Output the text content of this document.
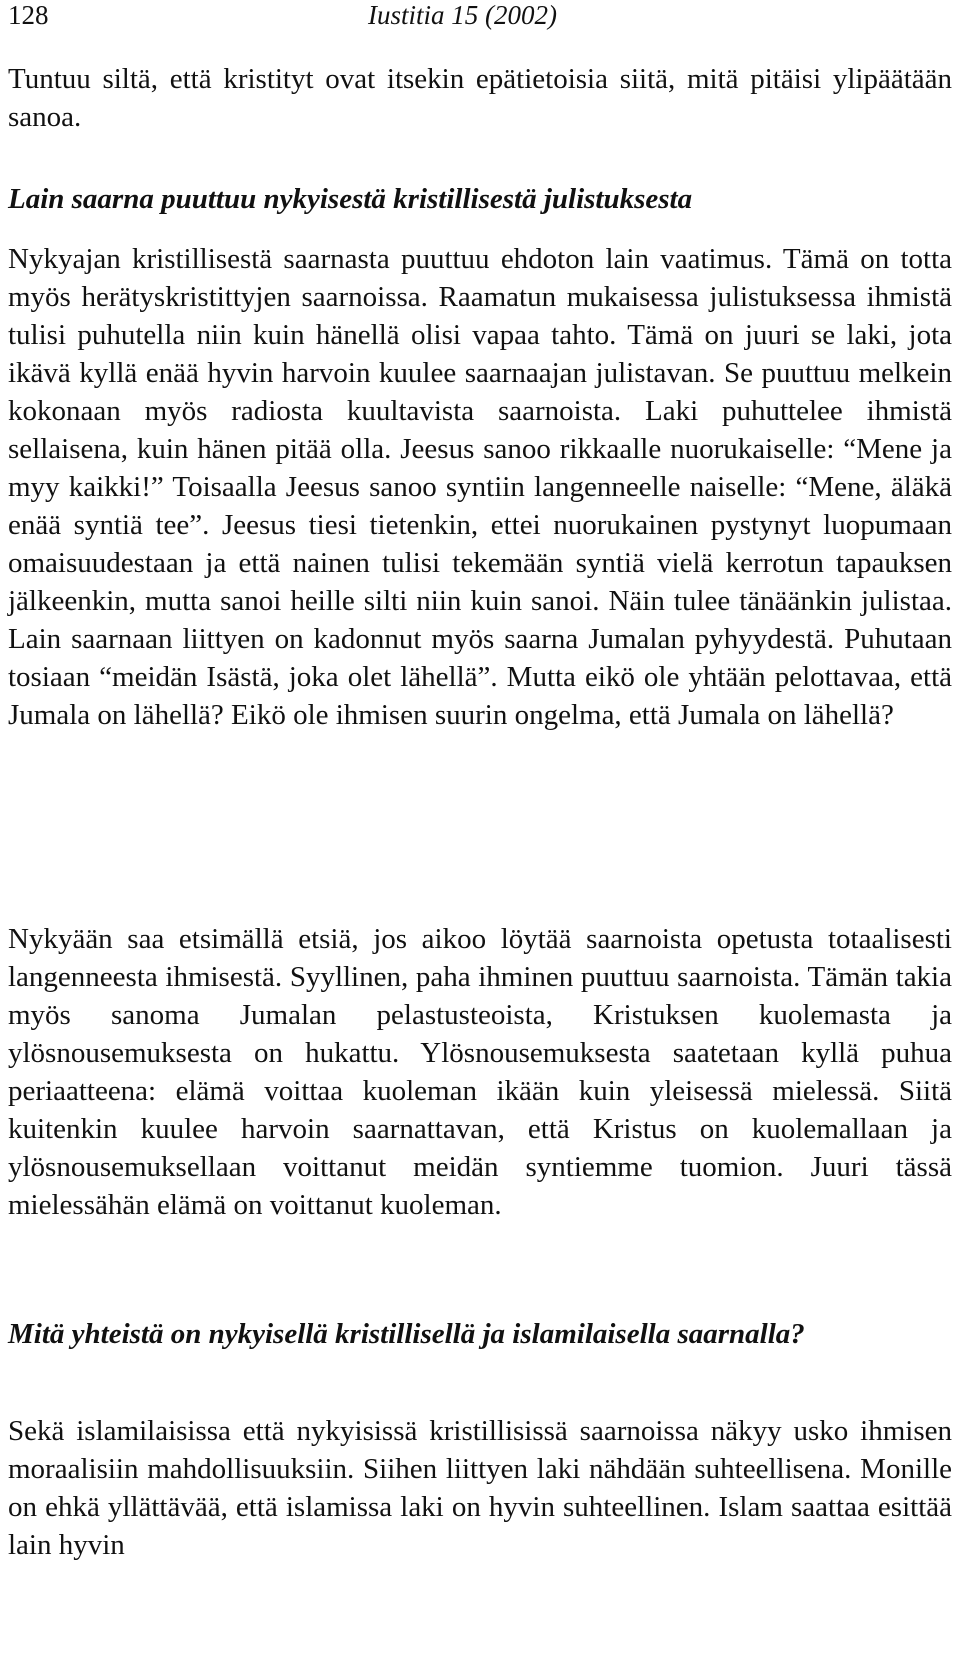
128	Iustitia 15 (2002)

Tuntuu siltä, että kristityt ovat itsekin epätietoisia siitä, mitä pitäisi ylipäätään sanoa.

Lain saarna puuttuu nykyisestä kristillisestä julistuksesta

Nykyajan kristillisestä saarnasta puuttuu ehdoton lain vaatimus. Tämä on totta myös herätyskristittyjen saarnoissa. Raamatun mukaisessa julistuksessa ihmistä tulisi puhutella niin kuin hänellä olisi vapaa tahto. Tämä on juuri se laki, jota ikävä kyllä enää hyvin harvoin kuulee saarnaajan julistavan. Se puuttuu melkein kokonaan myös radiosta kuultavista saarnoista. Laki puhuttelee ihmistä sellaisena, kuin hänen pitää olla. Jeesus sanoo rikkaalle nuorukaiselle: “Mene ja myy kaikki!” Toisaalla Jeesus sanoo syntiin langenneelle naiselle: “Mene, äläkä enää syntiä tee”. Jeesus tiesi tietenkin, ettei nuorukainen pystynyt luopumaan omaisuudestaan ja että nainen tulisi tekemään syntiä vielä kerrotun tapauksen jälkeenkin, mutta sanoi heille silti niin kuin sanoi. Näin tulee tänäänkin julistaa. Lain saarnaan liittyen on kadonnut myös saarna Jumalan pyhyydestä. Puhutaan tosiaan “meidän Isästä, joka olet lähellä”. Mutta eikö ole yhtään pelottavaa, että Jumala on lähellä? Eikö ole ihmisen suurin ongelma, että Jumala on lähellä?

Nykyään saa etsimällä etsiä, jos aikoo löytää saarnoista opetusta totaalisesti langenneesta ihmisestä. Syyllinen, paha ihminen puuttuu saarnoista. Tämän takia myös sanoma Jumalan pelastusteoista, Kristuksen kuolemasta ja ylösnousemuksesta on hukattu. Ylösnousemuksesta saatetaan kyllä puhua periaatteena: elämä voittaa kuoleman ikään kuin yleisessä mielessä. Siitä kuitenkin kuulee harvoin saarnattavan, että Kristus on kuolemallaan ja ylösnousemuksellaan voittanut meidän syntiemme tuomion. Juuri tässä mielessähän elämä on voittanut kuoleman.

Mitä yhteistä on nykyisellä kristillisellä ja islamilaisella saarnalla?

Sekä islamilaisissa että nykyisissä kristillisissä saarnoissa näkyy usko ihmisen moraalisiin mahdollisuuksiin. Siihen liittyen laki nähdään suhteellisena. Monille on ehkä yllättävää, että islamissa laki on hyvin suhteellinen. Islam saattaa esittää lain hyvin
